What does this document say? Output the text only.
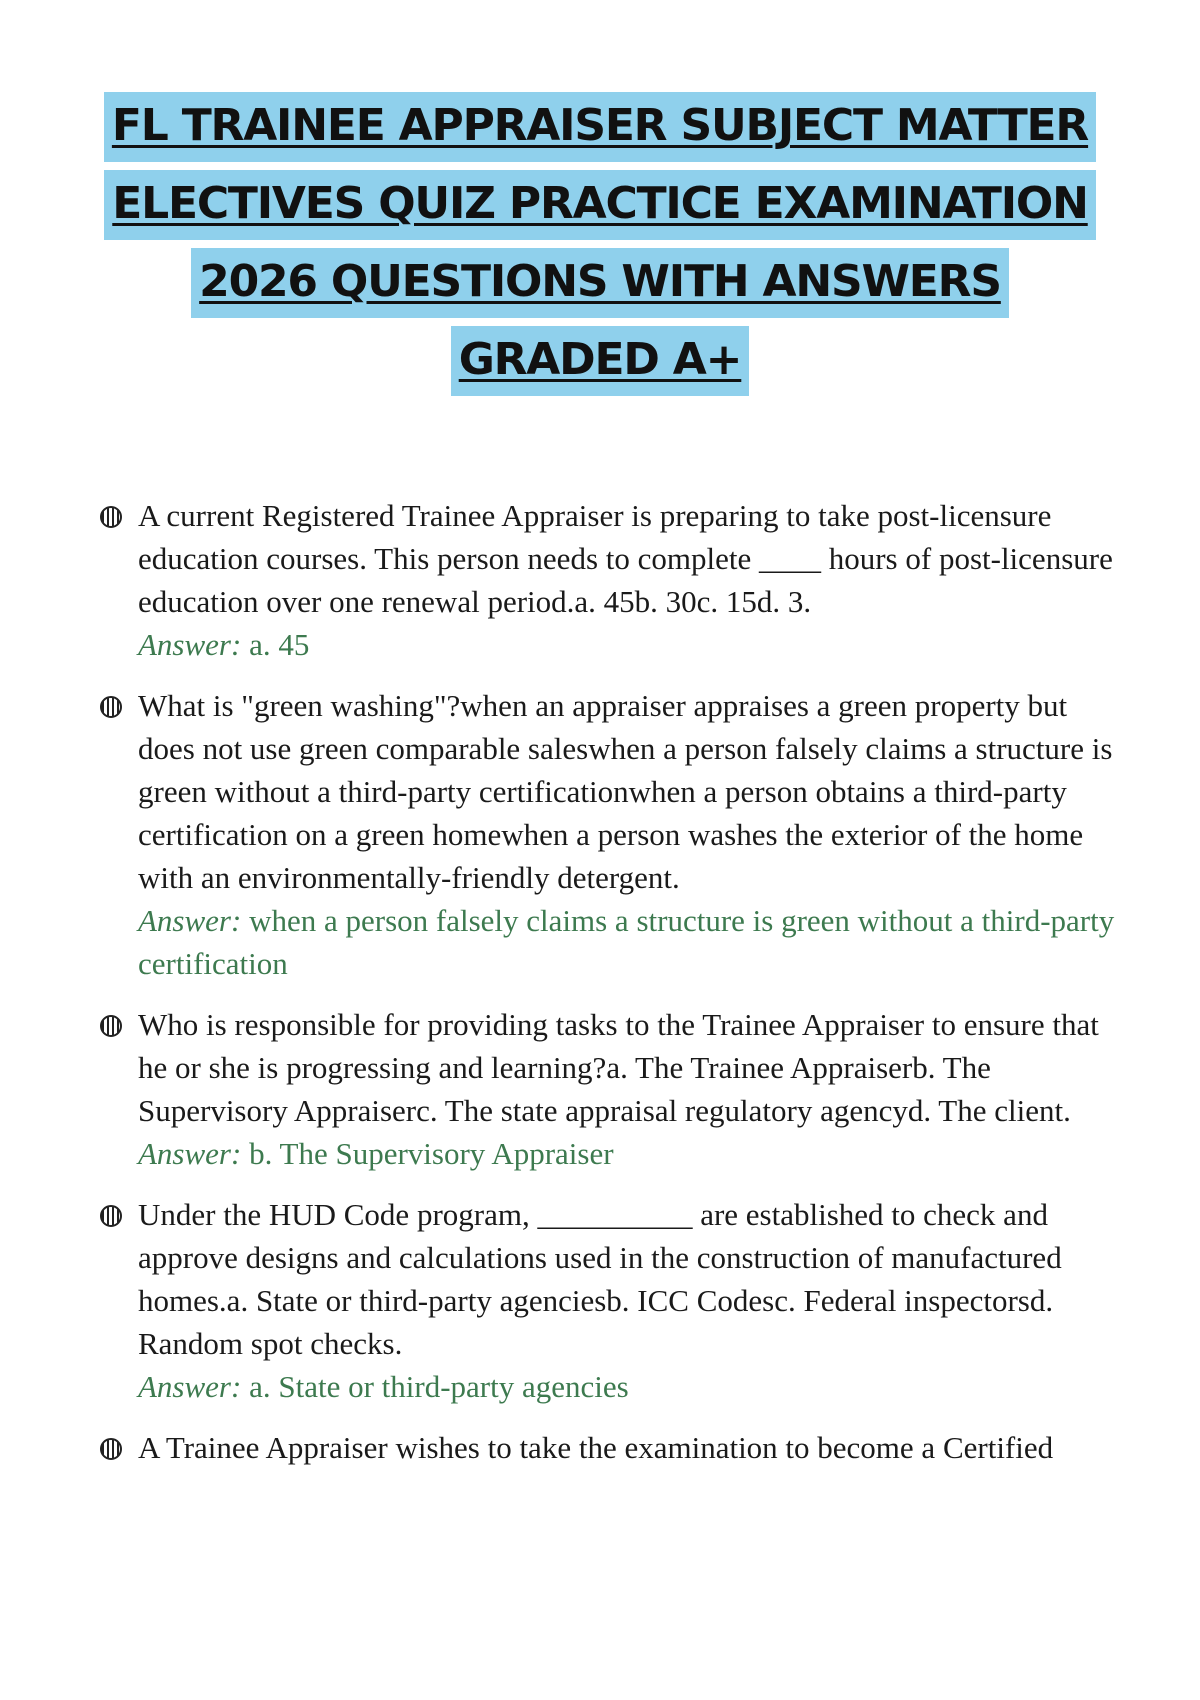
FL TRAINEE APPRAISER SUBJECT MATTER
ELECTIVES QUIZ PRACTICE EXAMINATION
2026 QUESTIONS WITH ANSWERS
GRADED A+
A current Registered Trainee Appraiser is preparing to take post-licensure education courses. This person needs to complete ____ hours of post-licensure education over one renewal period.a. 45b. 30c. 15d. 3.
Answer: a. 45
What is "green washing"?when an appraiser appraises a green property but does not use green comparable saleswhen a person falsely claims a structure is green without a third-party certificationwhen a person obtains a third-party certification on a green homewhen a person washes the exterior of the home with an environmentally-friendly detergent.
Answer: when a person falsely claims a structure is green without a third-party certification
Who is responsible for providing tasks to the Trainee Appraiser to ensure that he or she is progressing and learning?a. The Trainee Appraiserb. The Supervisory Appraiserc. The state appraisal regulatory agencyd. The client.
Answer: b. The Supervisory Appraiser
Under the HUD Code program, __________ are established to check and approve designs and calculations used in the construction of manufactured homes.a. State or third-party agenciesb. ICC Codesc. Federal inspectorsd. Random spot checks.
Answer: a. State or third-party agencies
A Trainee Appraiser wishes to take the examination to become a Certified
